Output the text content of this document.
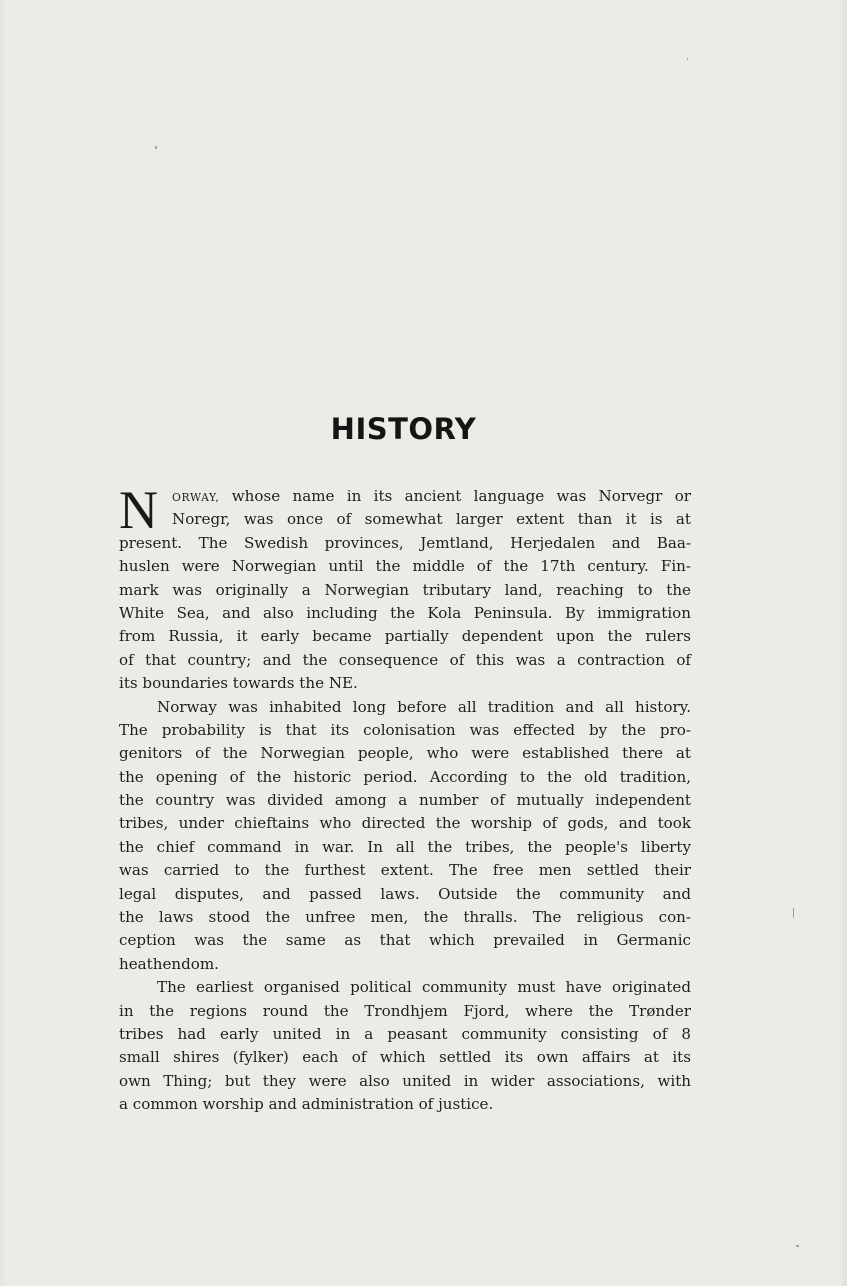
HISTORY
N	ORWAY, whose name in its ancient language was Norvegr or
Noregr, was once of somewhat larger extent than it is at
present. The Swedish provinces, Jemtland, Herjedalen and Baa-
huslen were Norwegian until the middle of the 17th century. Fin-
mark was originally a Norwegian tributary land, reaching to the
White Sea, and also including the Kola Peninsula. By immigration
from Russia, it early became partially dependent upon the rulers
of that country; and the consequence of this was a contraction of
its boundaries towards the NE.
Norway was inhabited long before all tradition and all history.
The probability is that its colonisation was effected by the pro-
genitors of the Norwegian people, who were established there at
the opening of the historic period. According to the old tradition,
the country was divided among a number of mutually independent
tribes, under chieftains who directed the worship of gods, and took
the chief command in war. In all the tribes, the people's liberty
was carried to the furthest extent. The free men settled their
legal disputes, and passed laws. Outside the community and
the laws stood the unfree men, the thralls. The religious con-
ception was the same as that which prevailed in Germanic
heathendom.
The earliest organised political community must have originated
in the regions round the Trondhjem Fjord, where the Trønder
tribes had early united in a peasant community consisting of 8
small shires (fylker) each of which settled its own affairs at its
own Thing; but they were also united in wider associations, with
a common worship and administration of justice.
